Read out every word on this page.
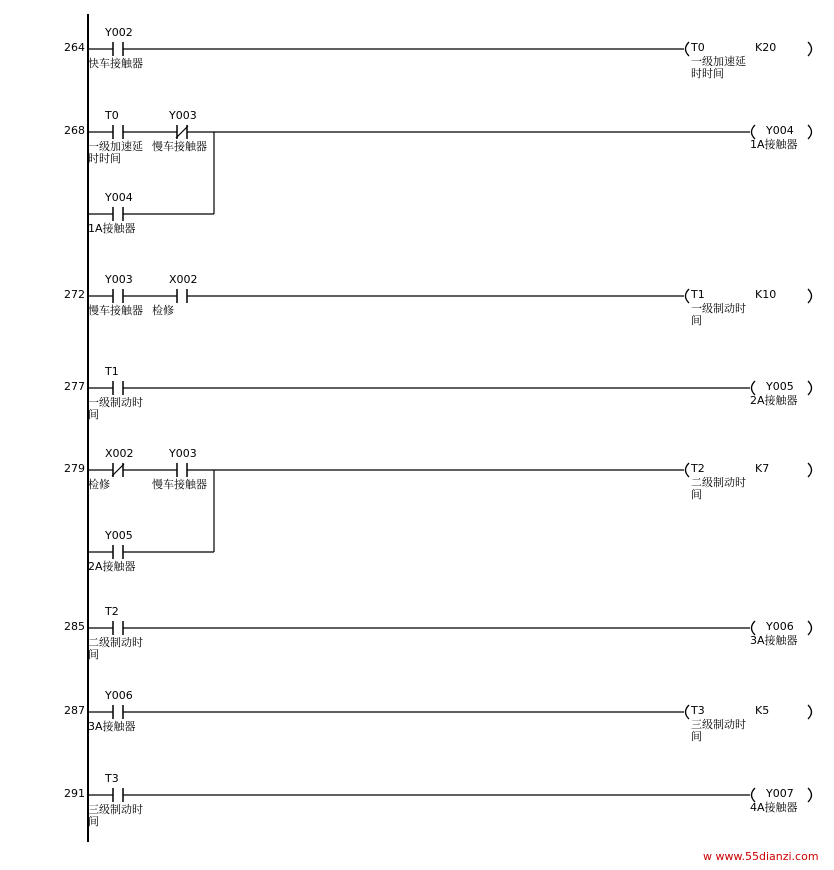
264
Y002
快车接触器
T0	K20
一级加速延
时时间
268
T0
一级加速延
时时间
Y003
慢车接触器
Y004
1A接触器
Y004
1A接触器
272
Y003
慢车接触器
X002
检修
T1	K10
一级制动时
间
277
T1
一级制动时
间
Y005
2A接触器
279
X002
检修
Y003
慢车接触器
Y005
2A接触器
T2	K7
二级制动时
间
285
T2
二级制动时
间
Y006
3A接触器
287
Y006
3A接触器
T3	K5
三级制动时
间
291
T3
三级制动时
间
Y007
4A接触器
w www.55dianzi.com
